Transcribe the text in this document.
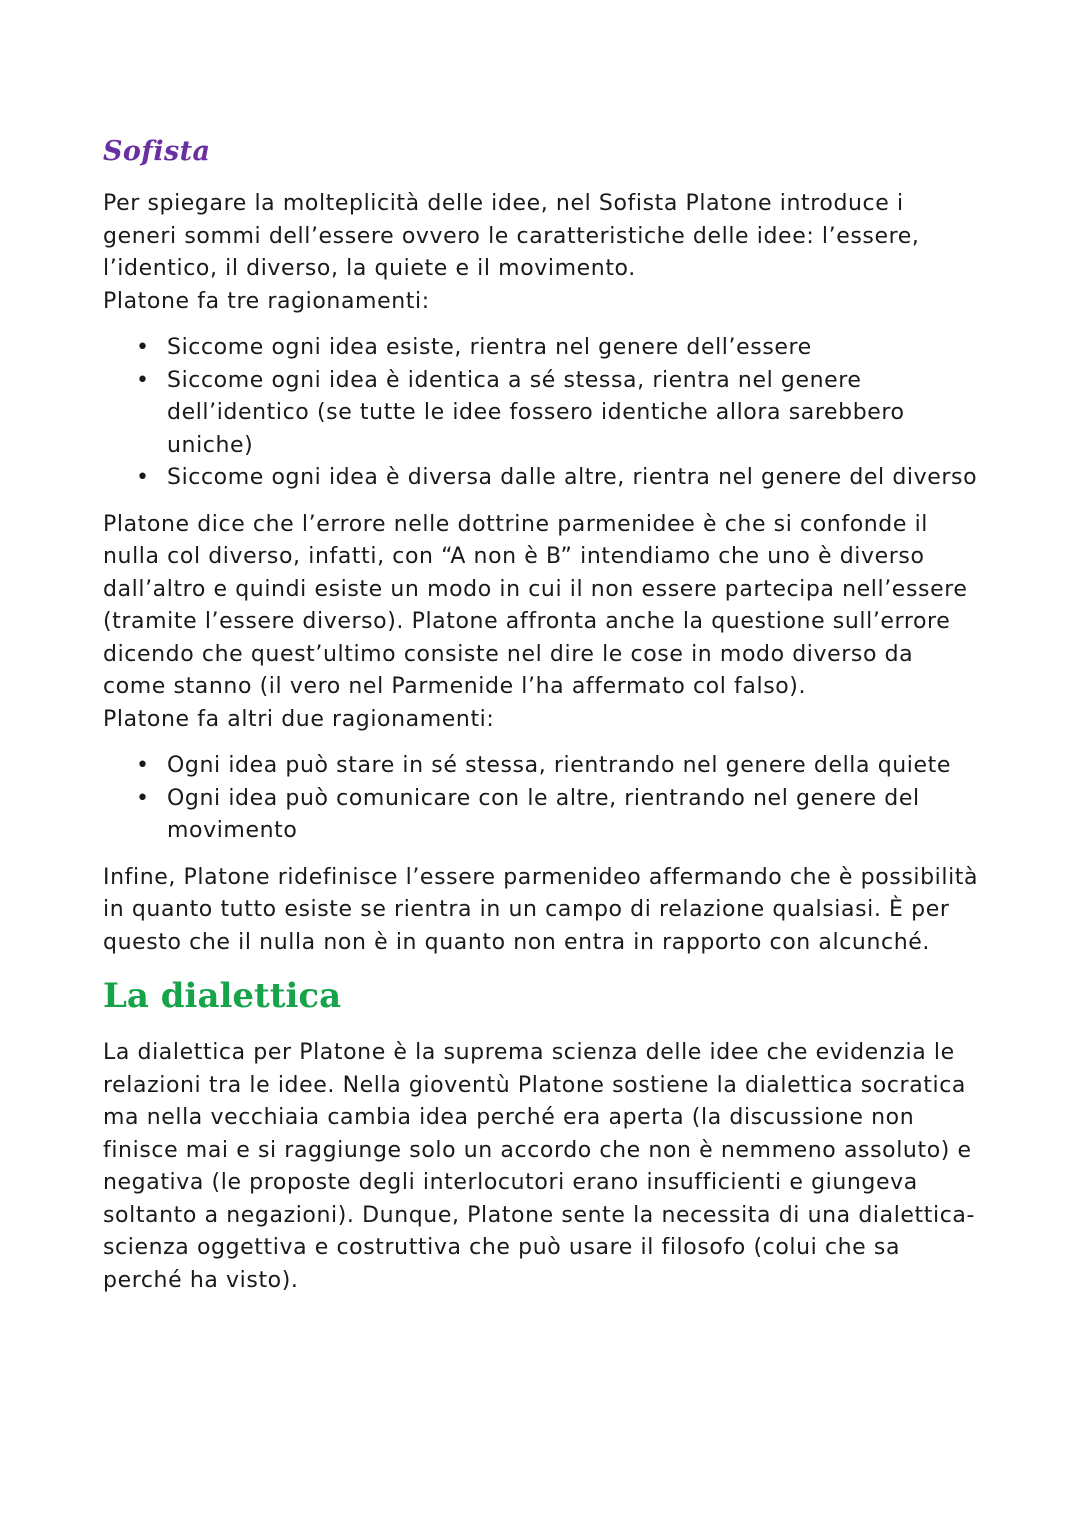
Sofista

Per spiegare la molteplicità delle idee, nel Sofista Platone introduce i generi sommi dell’essere ovvero le caratteristiche delle idee: l’essere, l’identico, il diverso, la quiete e il movimento.

Platone fa tre ragionamenti:

• Siccome ogni idea esiste, rientra nel genere dell’essere
• Siccome ogni idea è identica a sé stessa, rientra nel genere dell’identico (se tutte le idee fossero identiche allora sarebbero uniche)
• Siccome ogni idea è diversa dalle altre, rientra nel genere del diverso

Platone dice che l’errore nelle dottrine parmenidee è che si confonde il nulla col diverso, infatti, con “A non è B” intendiamo che uno è diverso dall’altro e quindi esiste un modo in cui il non essere partecipa nell’essere (tramite l’essere diverso). Platone affronta anche la questione sull’errore dicendo che quest’ultimo consiste nel dire le cose in modo diverso da come stanno (il vero nel Parmenide l’ha affermato col falso).

Platone fa altri due ragionamenti:

• Ogni idea può stare in sé stessa, rientrando nel genere della quiete
• Ogni idea può comunicare con le altre, rientrando nel genere del movimento

Infine, Platone ridefinisce l’essere parmenideo affermando che è possibilità in quanto tutto esiste se rientra in un campo di relazione qualsiasi. È per questo che il nulla non è in quanto non entra in rapporto con alcunché.

La dialettica

La dialettica per Platone è la suprema scienza delle idee che evidenzia le relazioni tra le idee. Nella gioventù Platone sostiene la dialettica socratica ma nella vecchiaia cambia idea perché era aperta (la discussione non finisce mai e si raggiunge solo un accordo che non è nemmeno assoluto) e negativa (le proposte degli interlocutori erano insufficienti e giungeva soltanto a negazioni). Dunque, Platone sente la necessita di una dialettica-scienza oggettiva e costruttiva che può usare il filosofo (colui che sa perché ha visto).
